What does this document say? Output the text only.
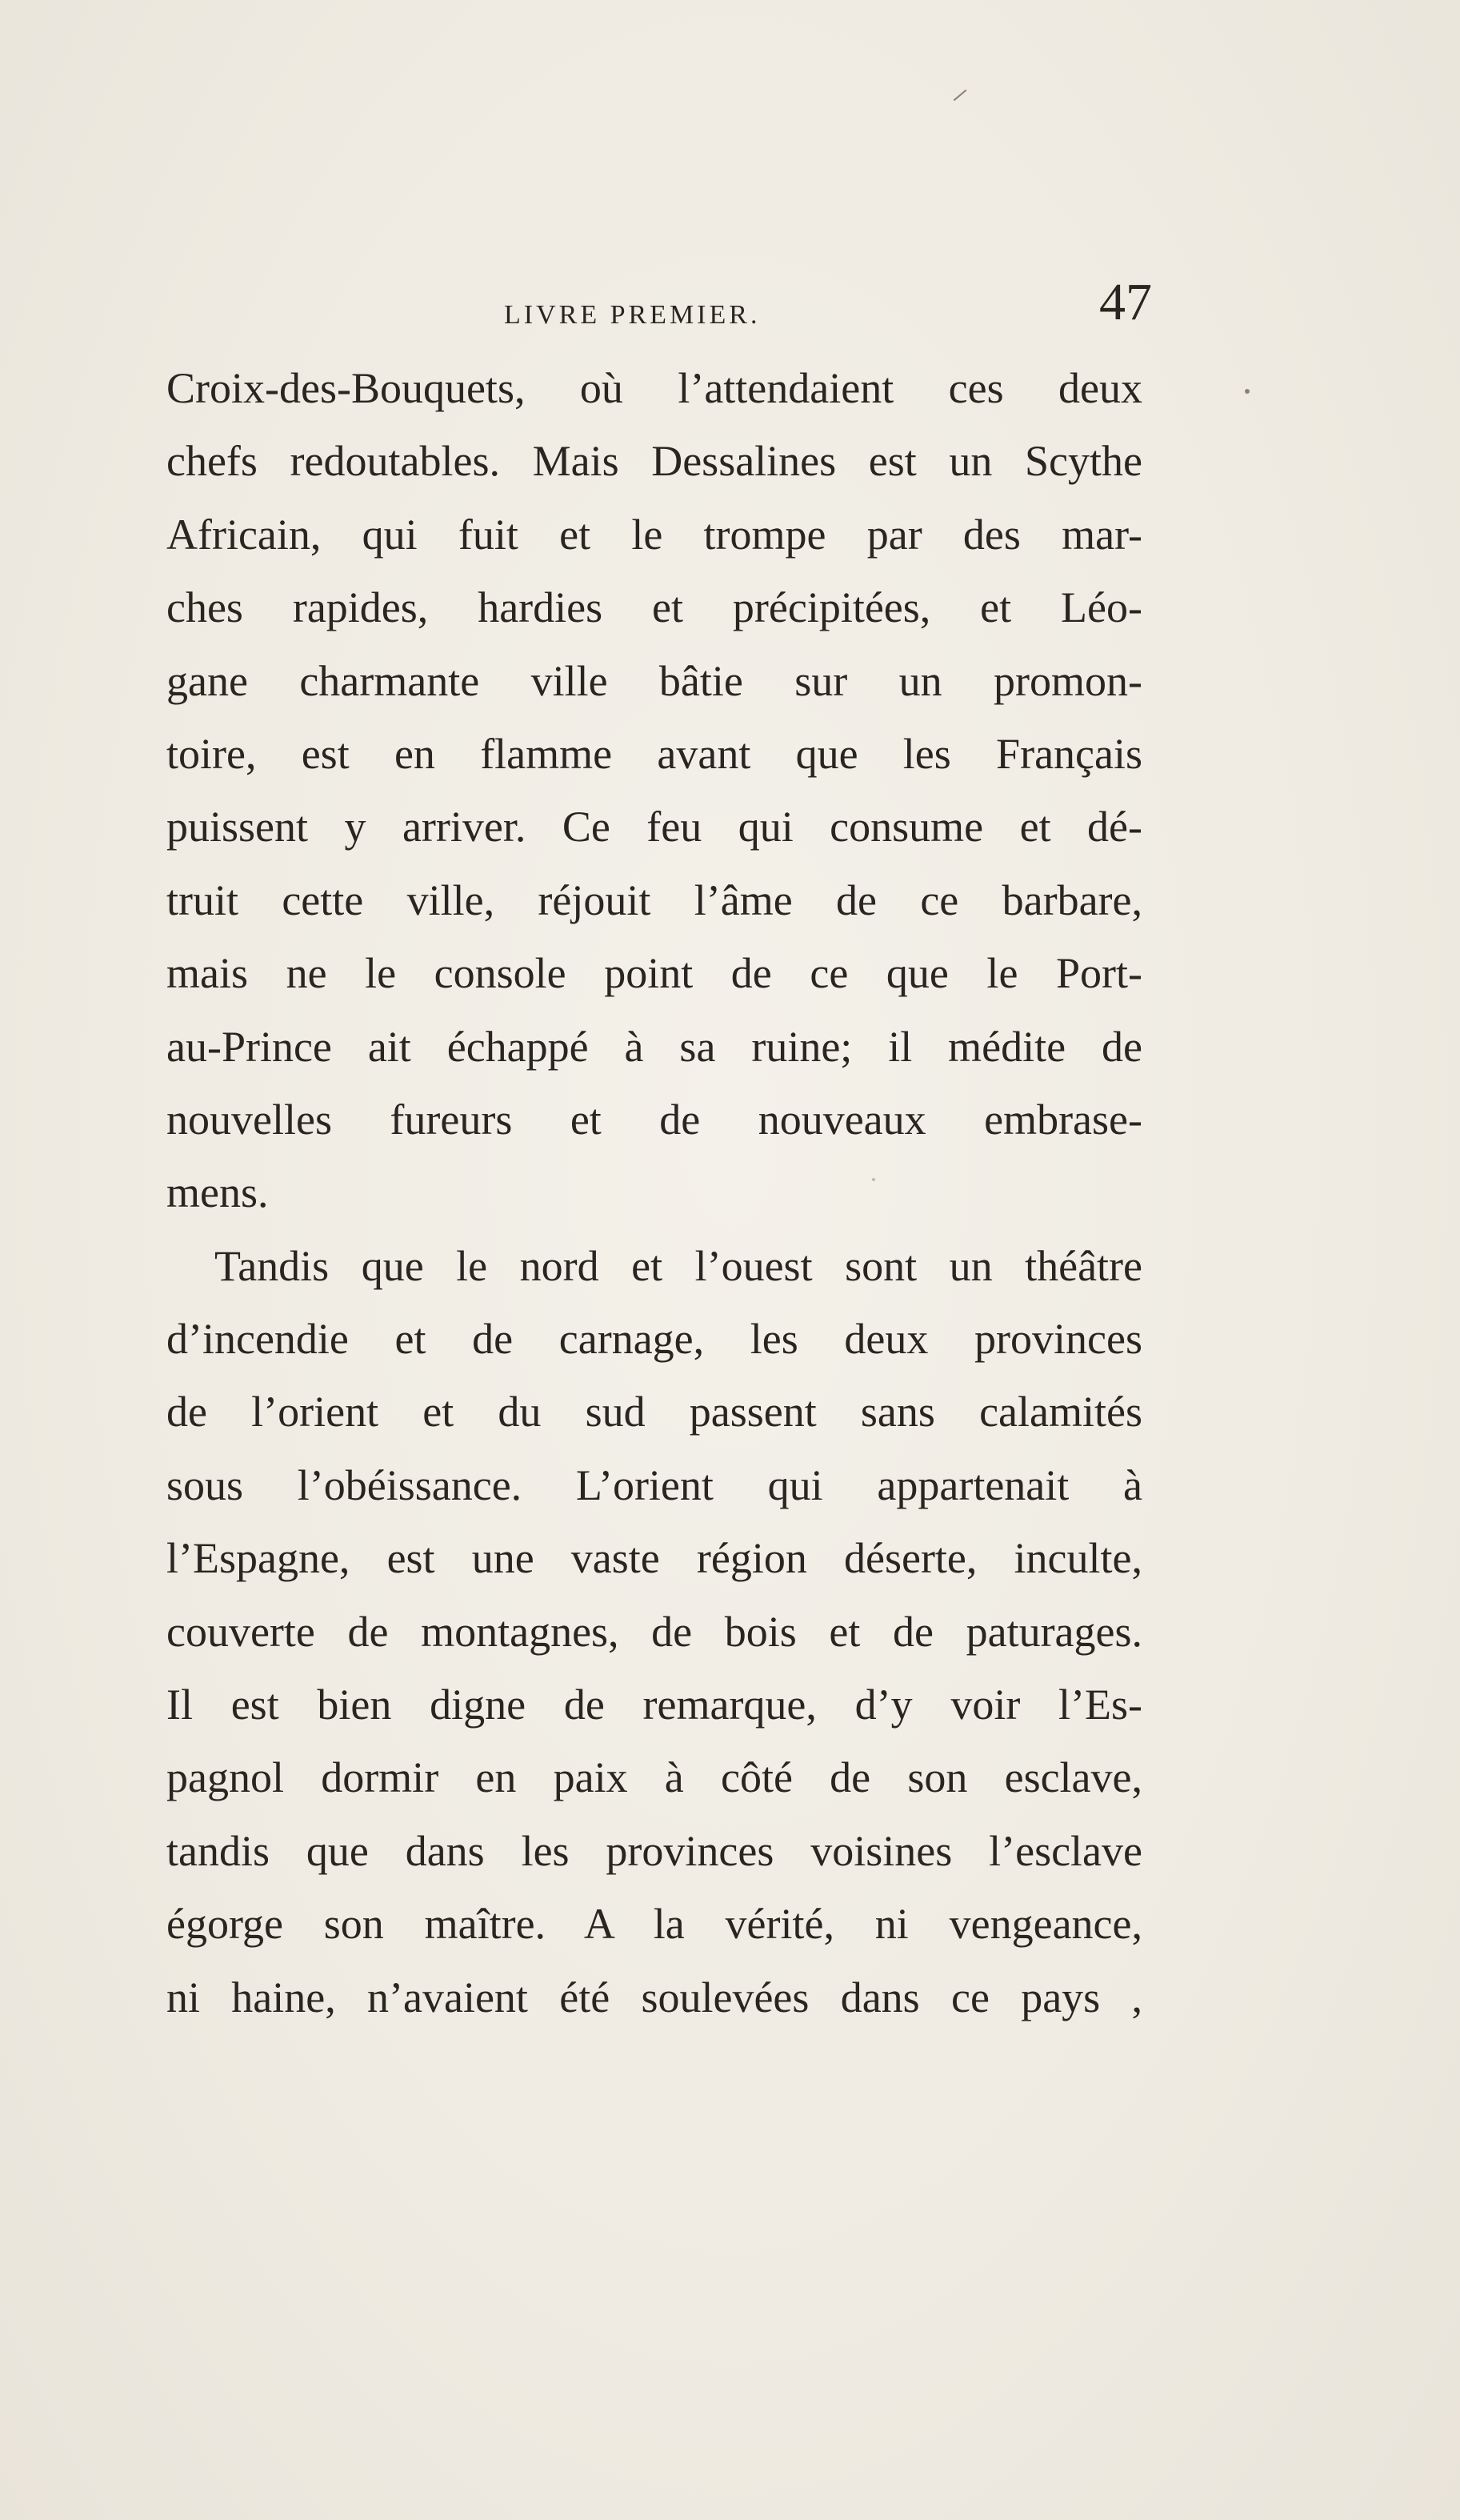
LIVRE PREMIER.	47
Croix-des-Bouquets, où l’attendaient ces deux
chefs redoutables. Mais Dessalines est un Scythe
Africain, qui fuit et le trompe par des mar-
ches rapides, hardies et précipitées, et Léo-
gane charmante ville bâtie sur un promon-
toire, est en flamme avant que les Français
puissent y arriver. Ce feu qui consume et dé-
truit cette ville, réjouit l’âme de ce barbare,
mais ne le console point de ce que le Port-
au-Prince ait échappé à sa ruine; il médite de
nouvelles fureurs et de nouveaux embrase-
mens.
Tandis que le nord et l’ouest sont un théâtre
d’incendie et de carnage, les deux provinces
de l’orient et du sud passent sans calamités
sous l’obéissance. L’orient qui appartenait à
l’Espagne, est une vaste région déserte, inculte,
couverte de montagnes, de bois et de paturages.
Il est bien digne de remarque, d’y voir l’Es-
pagnol dormir en paix à côté de son esclave,
tandis que dans les provinces voisines l’esclave
égorge son maître. A la vérité, ni vengeance,
ni haine, n’avaient été soulevées dans ce pays ,
